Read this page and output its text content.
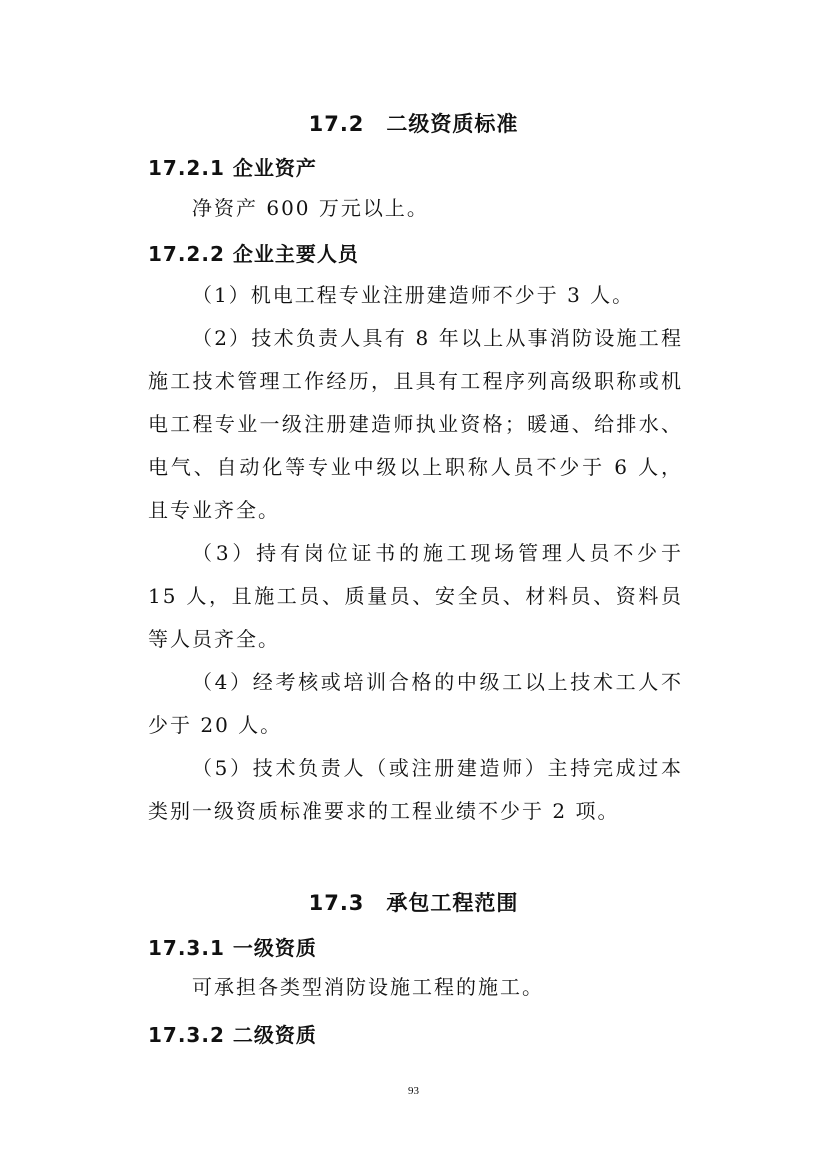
17.2　二级资质标准
17.2.1 企业资产

净资产 600 万元以上。

17.2.2 企业主要人员

（1）机电工程专业注册建造师不少于 3 人。

（2）技术负责人具有 8 年以上从事消防设施工程施工技术管理工作经历，且具有工程序列高级职称或机电工程专业一级注册建造师执业资格；暖通、给排水、电气、自动化等专业中级以上职称人员不少于 6 人，且专业齐全。

（3）持有岗位证书的施工现场管理人员不少于 15 人，且施工员、质量员、安全员、材料员、资料员等人员齐全。

（4）经考核或培训合格的中级工以上技术工人不少于 20 人。

（5）技术负责人（或注册建造师）主持完成过本类别一级资质标准要求的工程业绩不少于 2 项。

17.3　承包工程范围
17.3.1 一级资质

可承担各类型消防设施工程的施工。

17.3.2 二级资质
93
